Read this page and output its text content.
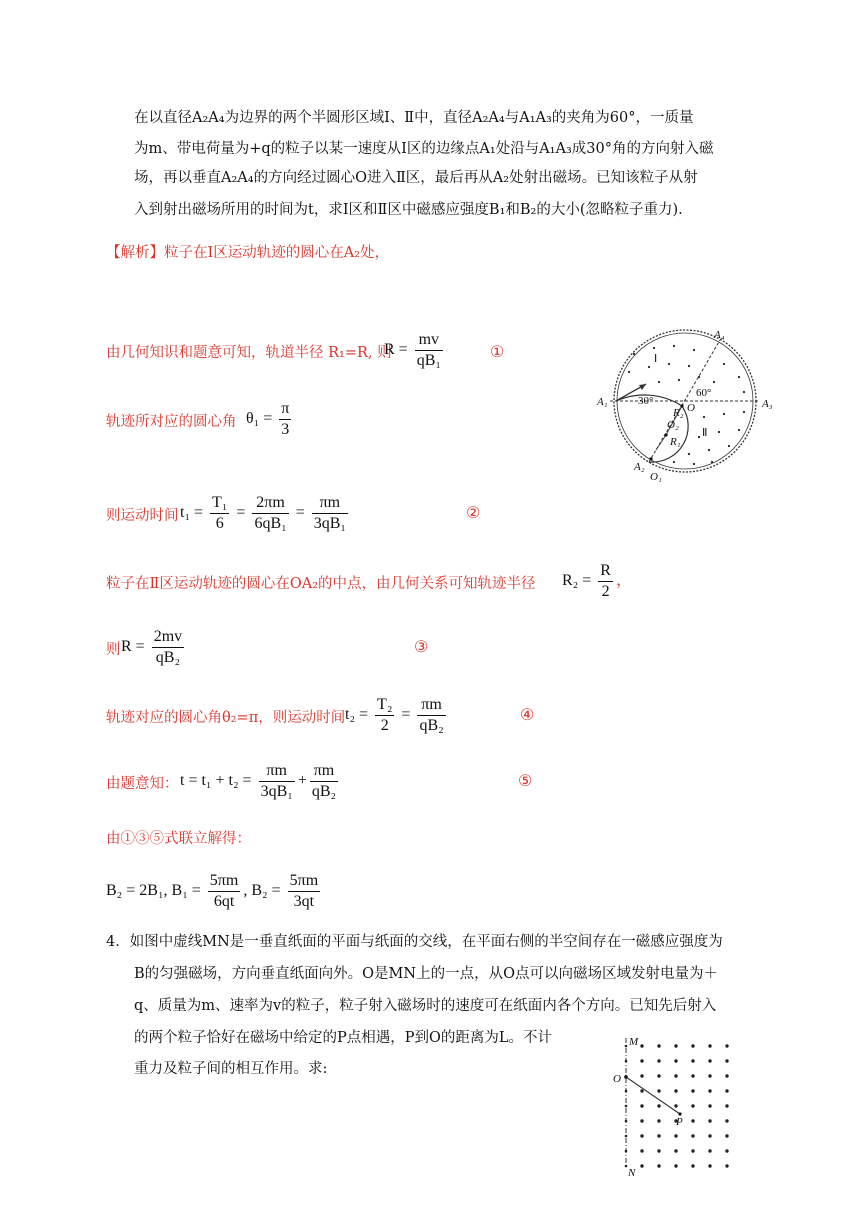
在以直径A₂A₄为边界的两个半圆形区域Ⅰ、Ⅱ中，直径A₂A₄与A₁A₃的夹角为60°，一质量
为m、带电荷量为+q的粒子以某一速度从Ⅰ区的边缘点A₁处沿与A₁A₃成30°角的方向射入磁
场，再以垂直A₂A₄的方向经过圆心O进入Ⅱ区，最后再从A₂处射出磁场。已知该粒子从射
入到射出磁场所用的时间为t，求Ⅰ区和Ⅱ区中磁感应强度B₁和B₂的大小(忽略粒子重力).
【解析】粒子在Ⅰ区运动轨迹的圆心在A₂处，
由几何知识和题意可知，轨道半径 R₁=R, 则
$R = \frac{mv}{\text{qB₁}}$	①
轨迹所对应的圆心角 $\theta_1 = \frac{\pi}{3}$
则运动时间 $t_1 = \frac{\text{T₁}}{6} = \frac{2\pi m}{\text{6qB₁}} = \frac{\pi m}{\text{3qB₁}}$	②
粒子在Ⅱ区运动轨迹的圆心在OA₂的中点，由几何关系可知轨迹半径 $R_2 = \frac{R}{2}$ ，
则 $R = \frac{2mv}{\text{qB₂}}$	③
轨迹对应的圆心角θ₂=π，则运动时间 $t_2 = \frac{\text{T₂}}{2} = \frac{\pi m}{\text{qB₂}}$	④
由题意知： $t = t_1 + t_2 = \frac{\pi m}{\text{3qB₁}} + \frac{\pi m}{\text{qB₂}}$	⑤
由①③⑤式联立解得：
B₂ = 2B₁, $B_1 = \frac{5\pi m}{6qt}$ , $B_2 = \frac{5\pi m}{3qt}$
4．如图中虚线MN是一垂直纸面的平面与纸面的交线，在平面右侧的半空间存在一磁感应强度为
B的匀强磁场，方向垂直纸面向外。O是MN上的一点，从O点可以向磁场区域发射电量为＋
q、质量为m、速率为v的粒子，粒子射入磁场时的速度可在纸面内各个方向。已知先后射入
的两个粒子恰好在磁场中给定的P点相遇，P到O的距离为L。不计
重力及粒子间的相互作用。求:
A₁	A₃
A₄
A₂
O₁
O
O₂
R₁
R₂
Ⅰ
Ⅱ
30°
60°
M
O
P
N
